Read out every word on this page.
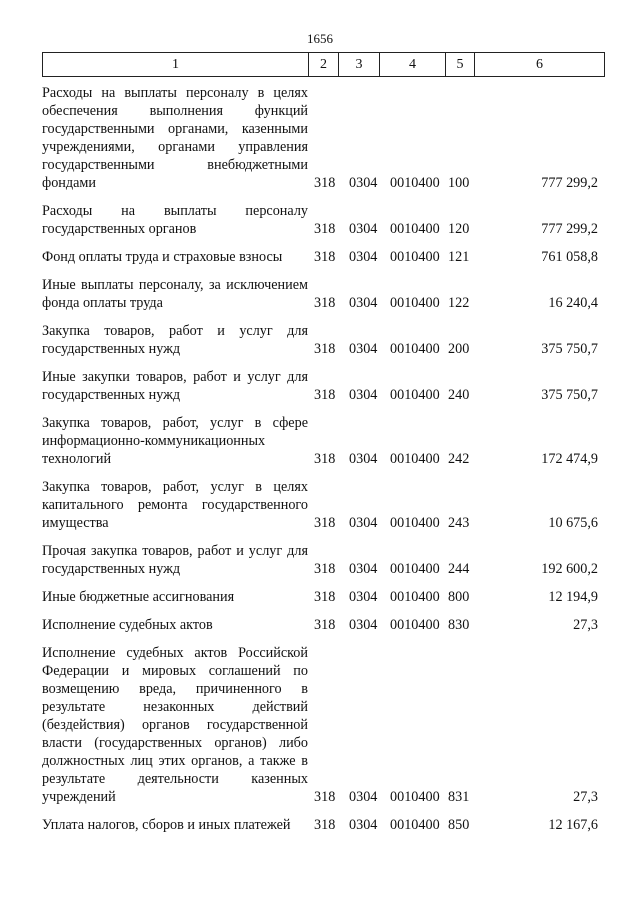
1656
1	2	3	4	5	6
Расходы на выплаты персоналу в целях обеспечения выполнения функций государственными органами, казенными учреждениями, органами управления государственными внебюджетными фондами	318 0304 0010400 100	777 299,2
Расходы на выплаты персоналу государственных органов	318 0304 0010400 120	777 299,2
Фонд оплаты труда и страховые взносы	318 0304 0010400 121	761 058,8
Иные выплаты персоналу, за исключением фонда оплаты труда	318 0304 0010400 122	16 240,4
Закупка товаров, работ и услуг для государственных нужд	318 0304 0010400 200	375 750,7
Иные закупки товаров, работ и услуг для государственных нужд	318 0304 0010400 240	375 750,7
Закупка товаров, работ, услуг в сфере информационно-коммуникационных технологий	318 0304 0010400 242	172 474,9
Закупка товаров, работ, услуг в целях капитального ремонта государственного имущества	318 0304 0010400 243	10 675,6
Прочая закупка товаров, работ и услуг для государственных нужд	318 0304 0010400 244	192 600,2
Иные бюджетные ассигнования	318 0304 0010400 800	12 194,9
Исполнение судебных актов	318 0304 0010400 830	27,3
Исполнение судебных актов Российской Федерации и мировых соглашений по возмещению вреда, причиненного в результате незаконных действий (бездействия) органов государственной власти (государственных органов) либо должностных лиц этих органов, а также в результате деятельности казенных учреждений	318 0304 0010400 831	27,3
Уплата налогов, сборов и иных платежей	318 0304 0010400 850	12 167,6
